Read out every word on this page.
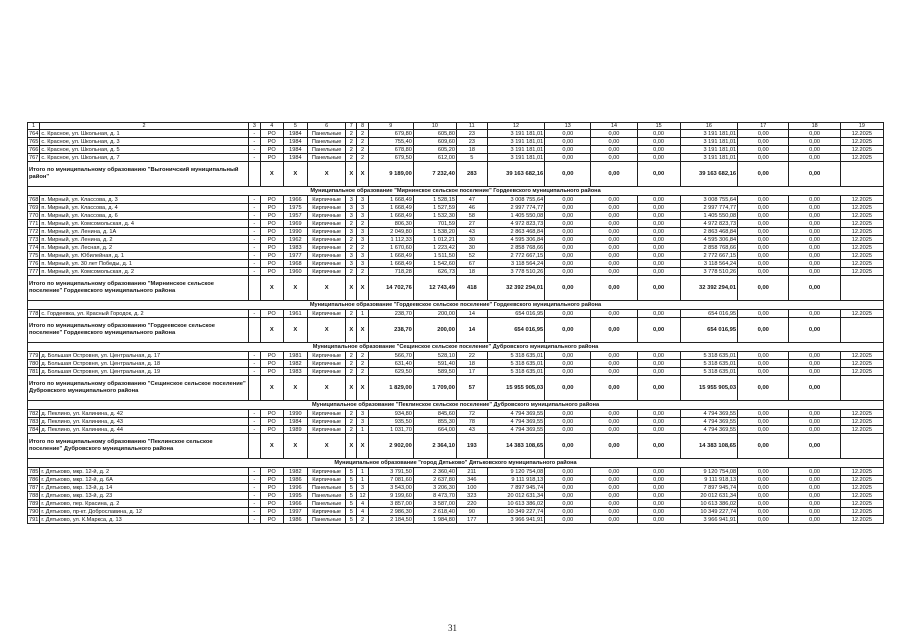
1	2	3	4	5	6	7	8	9	10	11	12	13	14	15	16	17	18	19
764	с. Красное, ул. Школьная, д. 1	-	РО	1984	Панельные	2	2	679,80	605,80	23	3 191 181,01	0,00	0,00	0,00	3 191 181,01	0,00	0,00	12.2025
765	с. Красное, ул. Школьная, д. 3	-	РО	1984	Панельные	2	2	755,40	609,60	23	3 191 181,01	0,00	0,00	0,00	3 191 181,01	0,00	0,00	12.2025
766	с. Красное, ул. Школьная, д. 5	-	РО	1984	Панельные	2	2	678,80	605,20	18	3 191 181,01	0,00	0,00	0,00	3 191 181,01	0,00	0,00	12.2025
767	с. Красное, ул. Школьная, д. 7	-	РО	1984	Панельные	2	2	679,50	612,00	5	3 191 181,01	0,00	0,00	0,00	3 191 181,01	0,00	0,00	12.2025
Итого по муниципальному образованию "Выгоничский муниципальный район"			Х	Х	Х	Х	Х	9 189,00	7 232,40	283	39 163 682,16	0,00	0,00	0,00	39 163 682,16	0,00	0,00	
Муниципальное образование "Мирнинское сельское поселение" Гордеевского муниципального района																		
768	п. Мирный, ул. Классова, д. 3	-	РО	1966	Кирпичные	3	3	1 668,49	1 528,15	47	3 008 755,64	0,00	0,00	0,00	3 008 755,64	0,00	0,00	12.2025
769	п. Мирный, ул. Классова, д. 4	-	РО	1975	Кирпичные	3	3	1 668,49	1 527,59	46	2 997 774,77	0,00	0,00	0,00	2 997 774,77	0,00	0,00	12.2025
770	п. Мирный, ул. Классова, д. 6	-	РО	1957	Кирпичные	3	3	1 668,49	1 532,30	58	1 405 550,08	0,00	0,00	0,00	1 405 550,08	0,00	0,00	12.2025
771	п. Мирный, ул. Комсомольская, д. 4	-	РО	1969	Кирпичные	2	2	806,30	701,59	27	4 972 823,73	0,00	0,00	0,00	4 972 823,73	0,00	0,00	12.2025
772	п. Мирный, ул. Ленина, д. 1А	-	РО	1990	Кирпичные	3	3	2 049,80	1 538,20	43	2 863 468,84	0,00	0,00	0,00	2 863 468,84	0,00	0,00	12.2025
773	п. Мирный, ул. Ленина, д. 2	-	РО	1962	Кирпичные	2	3	1 112,33	1 012,21	30	4 595 306,84	0,00	0,00	0,00	4 595 306,84	0,00	0,00	12.2025
774	п. Мирный, ул. Лесная, д. 2	-	РО	1983	Кирпичные	2	2	1 670,60	1 223,42	30	2 858 768,66	0,00	0,00	0,00	2 858 768,66	0,00	0,00	12.2025
775	п. Мирный, ул. Юбилейная, д. 1	-	РО	1977	Кирпичные	3	3	1 668,49	1 511,50	52	2 772 667,15	0,00	0,00	0,00	2 772 667,15	0,00	0,00	12.2025
776	п. Мирный, ул. 30 лет Победы, д. 1	-	РО	1968	Кирпичные	3	3	1 668,49	1 542,60	67	3 118 564,24	0,00	0,00	0,00	3 118 564,24	0,00	0,00	12.2025
777	п. Мирный, ул. Комсомольская, д. 2	-	РО	1960	Кирпичные	2	2	718,28	626,73	18	3 778 510,26	0,00	0,00	0,00	3 778 510,26	0,00	0,00	12.2025
Итого по муниципальному образованию "Мирнинское сельское поселение" Гордеевского муниципального района			Х	Х	Х	Х	Х	14 702,76	12 743,49	418	32 392 294,01	0,00	0,00	0,00	32 392 294,01	0,00	0,00	
Муниципальное образование "Гордеевское сельское поселение" Гордеевского муниципального района																		
778	с. Гордеевка, ул. Красный Городок, д. 2	-	РО	1961	Кирпичные	2	1	238,70	200,00	14	654 016,95	0,00	0,00	0,00	654 016,95	0,00	0,00	12.2025
Итого по муниципальному образованию "Гордеевское сельское поселение" Гордеевского муниципального района			Х	Х	Х	Х	Х	238,70	200,00	14	654 016,95	0,00	0,00	0,00	654 016,95	0,00	0,00	
Муниципальное образование "Сещинское сельское поселение" Дубровского муниципального района																		
779	д. Большая Островня, ул. Центральная, д. 17	-	РО	1981	Кирпичные	2	2	566,70	528,10	22	5 318 635,01	0,00	0,00	0,00	5 318 635,01	0,00	0,00	12.2025
780	д. Большая Островня, ул. Центральная, д. 18	-	РО	1982	Кирпичные	2	2	631,40	591,40	18	5 318 635,01	0,00	0,00	0,00	5 318 635,01	0,00	0,00	12.2025
781	д. Большая Островня, ул. Центральная, д. 19	-	РО	1983	Кирпичные	2	2	629,50	589,50	17	5 318 635,01	0,00	0,00	0,00	5 318 635,01	0,00	0,00	12.2025
Итого по муниципальному образованию "Сещинское сельское поселение" Дубровского муниципального района			Х	Х	Х	Х	Х	1 829,00	1 709,00	57	15 955 905,03	0,00	0,00	0,00	15 955 905,03	0,00	0,00	
Муниципальное образование "Пеклинское сельское поселение" Дубровского муниципального района																		
782	д. Пеклино, ул. Калинина, д. 42	-	РО	1990	Кирпичные	2	3	934,80	845,60	72	4 794 369,55	0,00	0,00	0,00	4 794 369,55	0,00	0,00	12.2025
783	д. Пеклино, ул. Калинина, д. 43	-	РО	1984	Кирпичные	2	3	935,50	855,30	78	4 794 369,55	0,00	0,00	0,00	4 794 369,55	0,00	0,00	12.2025
784	д. Пеклино, ул. Калинина, д. 44	-	РО	1989	Кирпичные	2	1	1 031,70	664,00	43	4 794 369,55	0,00	0,00	0,00	4 794 369,55	0,00	0,00	12.2025
Итого по муниципальному образованию "Пеклинское сельское поселение" Дубровского муниципального района			Х	Х	Х	Х	Х	2 902,00	2 364,10	193	14 383 108,65	0,00	0,00	0,00	14 383 108,65	0,00	0,00	
Муниципальное образование "город Дятьково" Дятьковского муниципального района																		
785	г. Дятьково, мкр. 12-й, д. 2	-	РО	1982	Кирпичные	5	1	3 791,50	2 360,40	211	9 120 754,08	0,00	0,00	0,00	9 120 754,08	0,00	0,00	12.2025
786	г. Дятьково, мкр. 12-й, д. 6А	-	РО	1986	Кирпичные	5	1	7 081,60	2 637,80	346	9 111 918,13	0,00	0,00	0,00	9 111 918,13	0,00	0,00	12.2025
787	г. Дятьково, мкр. 13-й, д. 14	-	РО	1996	Панельные	5	3	3 543,00	3 206,30	100	7 897 945,74	0,00	0,00	0,00	7 897 945,74	0,00	0,00	12.2025
788	г. Дятьково, мкр. 13-й, д. 23	-	РО	1995	Панельные	5	12	9 199,60	8 473,70	323	20 012 631,34	0,00	0,00	0,00	20 012 631,34	0,00	0,00	12.2025
789	г. Дятьково, пер. Красина, д. 2	-	РО	1966	Панельные	5	4	3 857,00	3 587,00	220	10 613 386,02	0,00	0,00	0,00	10 613 386,02	0,00	0,00	12.2025
790	г. Дятьково, пр-кт. Доброславина, д. 12	-	РО	1997	Кирпичные	5	4	2 986,30	2 618,40	90	10 349 227,74	0,00	0,00	0,00	10 349 227,74	0,00	0,00	12.2025
791	г. Дятьково, ул. К.Маркса, д. 13	-	РО	1986	Панельные	5	2	2 184,50	1 984,80	177	3 966 941,91	0,00	0,00	0,00	3 966 941,91	0,00	0,00	12.2025
31
